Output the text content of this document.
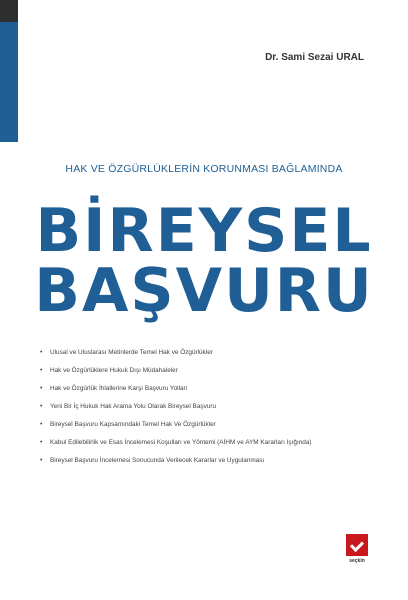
Dr. Sami Sezai URAL
HAK VE ÖZGÜRLÜKLERİN KORUNMASI BAĞLAMINDA
BİREYSEL
BAŞVURU
• Ulusal ve Uluslarası Metinlerde Temel Hak ve Özgürlükler
• Hak ve Özgürlüklere Hukuk Dışı Müdahaleler
• Hak ve Özgürlük İhlallerine Karşı Başvuru Yolları
• Yeni Bir İç Hukuk Hak Arama Yolu Olarak Bireysel Başvuru
• Bireysel Başvuru Kapsamındaki Temel Hak Ve Özgürlükler
• Kabul Edilebilirlik ve Esas İncelemesi Koşulları ve Yöntemi (AİHM ve AYM Kararları Işığında)
• Bireysel Başvuru İncelemesi Sonucunda Verilecek Kararlar ve Uygulanması
seçkin
